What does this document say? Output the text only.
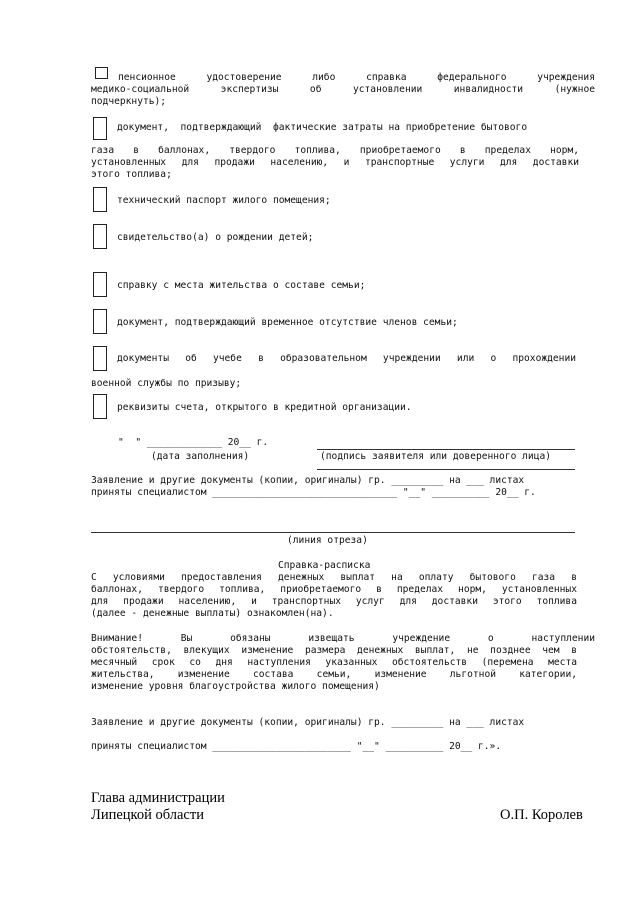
пенсионное удостоверение либо справка федерального учреждения
медико-социальной экспертизы об установлении инвалидности (нужное
подчеркнуть);
документ,  подтверждающий  фактические затраты на приобретение бытового
газа в баллонах, твердого топлива, приобретаемого в пределах норм,
установленных для продажи населению, и транспортные услуги для доставки
этого топлива;
технический паспорт жилого помещения;
свидетельство(а) о рождении детей;
справку с места жительства о составе семьи;
документ, подтверждающий временное отсутствие членов семьи;
документы об учебе в образовательном учреждении или о прохождении
военной службы по призыву;
реквизиты счета, открытого в кредитной организации.
"  " _____________ 20__ г.
(дата заполнения)	(подпись заявителя или доверенного лица)
Заявление и другие документы (копии, оригиналы) гр. _________ на ___ листах
приняты специалистом ________________________________ "__" __________ 20__ г.
(линия отреза)
Справка-расписка
С условиями предоставления денежных выплат на оплату бытового газа в
баллонах, твердого топлива, приобретаемого в пределах норм, установленных
для продажи населению, и транспортных услуг для доставки этого топлива
(далее - денежные выплаты) ознакомлен(на).
Внимание! Вы обязаны извещать учреждение о наступлении
обстоятельств, влекущих изменение размера денежных выплат, не позднее чем в
месячный срок со дня наступления указанных обстоятельств (перемена места
жительства, изменение состава семьи, изменение льготной категории,
изменение уровня благоустройства жилого помещения)
Заявление и другие документы (копии, оригиналы) гр. _________ на ___ листах
приняты специалистом ________________________ "__" __________ 20__ г.».
Глава администрации
Липецкой области	О.П. Королев
